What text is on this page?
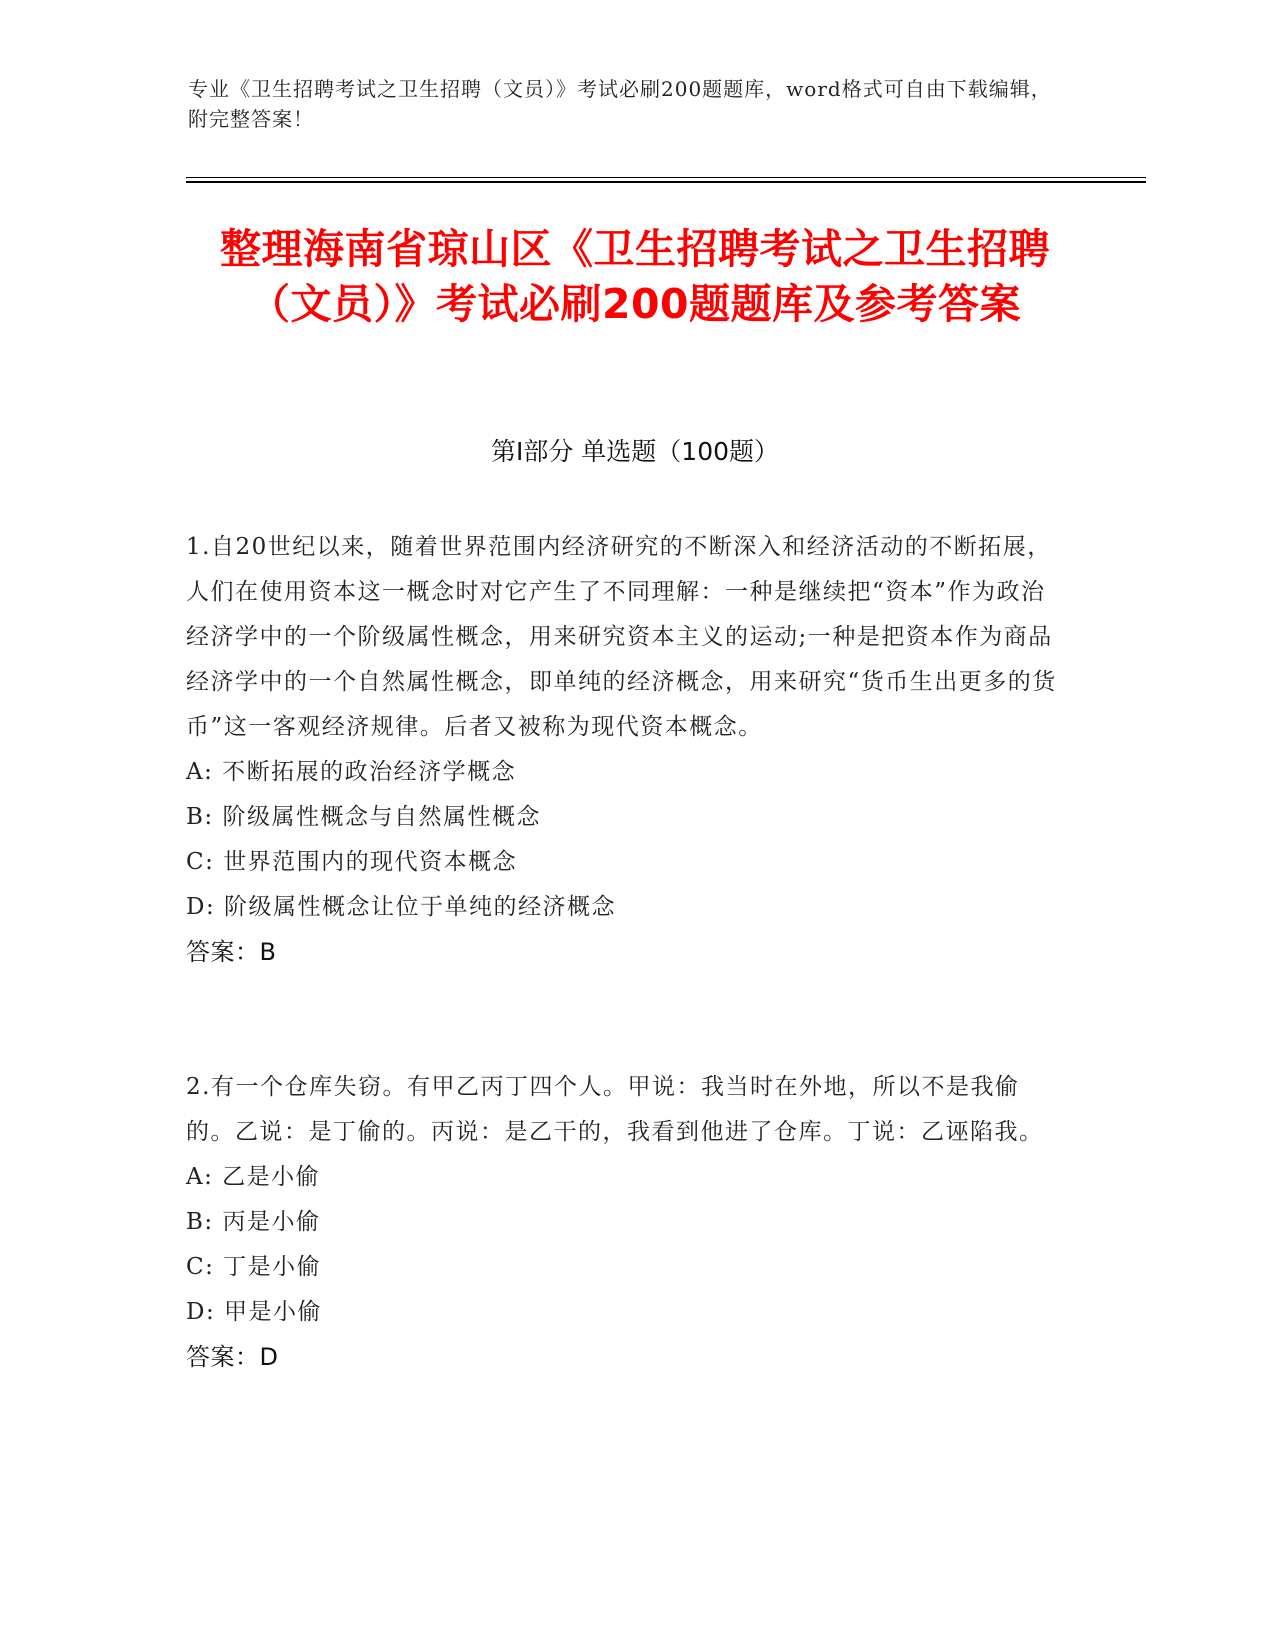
专业《卫生招聘考试之卫生招聘（文员）》考试必刷200题题库，word格式可自由下载编辑，附完整答案！
整理海南省琼山区《卫生招聘考试之卫生招聘（文员）》考试必刷200题题库及参考答案
第Ⅰ部分 单选题（100题）

1.自20世纪以来，随着世界范围内经济研究的不断深入和经济活动的不断拓展，人们在使用资本这一概念时对它产生了不同理解：一种是继续把“资本”作为政治经济学中的一个阶级属性概念，用来研究资本主义的运动;一种是把资本作为商品经济学中的一个自然属性概念，即单纯的经济概念，用来研究“货币生出更多的货币”这一客观经济规律。后者又被称为现代资本概念。

A: 不断拓展的政治经济学概念

B: 阶级属性概念与自然属性概念

C: 世界范围内的现代资本概念

D: 阶级属性概念让位于单纯的经济概念

答案：B

2.有一个仓库失窃。有甲乙丙丁四个人。甲说：我当时在外地，所以不是我偷的。乙说：是丁偷的。丙说：是乙干的，我看到他进了仓库。丁说：乙诬陷我。

A: 乙是小偷

B: 丙是小偷

C: 丁是小偷

D: 甲是小偷

答案：D
